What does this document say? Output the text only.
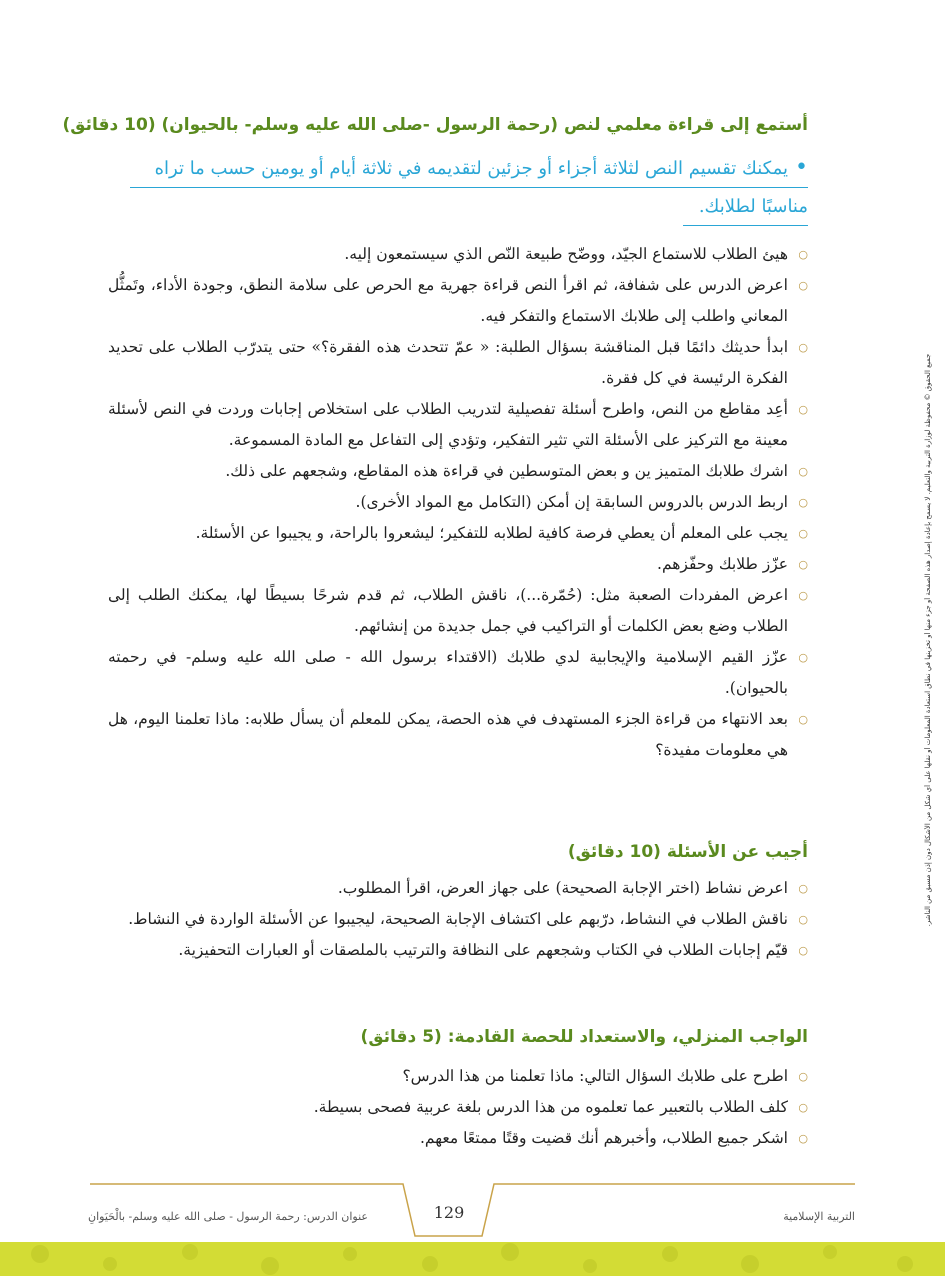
أستمع إلى قراءة معلمي لنص (رحمة الرسول -صلى الله عليه وسلم- بالحيوان) (10 دقائق)
•يمكنك تقسيم النص لثلاثة أجزاء أو جزئين لتقديمه في ثلاثة أيام أو يومين حسب ما تراه
مناسبًا لطلابك.
○
هيئ الطلاب للاستماع الجيّد، ووضّح طبيعة النّص الذي سيستمعون إليه.
○
اعرض الدرس على شفافة، ثم اقرأ النص قراءة جهرية مع الحرص على سلامة النطق، وجودة الأداء، وتَمثُّل المعاني واطلب إلى طلابك الاستماع والتفكر فيه.
○
ابدأ حديثك دائمًا قبل المناقشة بسؤال الطلبة: « عمّ تتحدث هذه الفقرة؟» حتى يتدرّب الطلاب على تحديد الفكرة الرئيسة في كل فقرة.
○
أعِد مقاطع من النص، واطرح أسئلة تفصيلية لتدريب الطلاب على استخلاص إجابات وردت في النص لأسئلة معينة مع التركيز على الأسئلة التي تثير التفكير، وتؤدي إلى التفاعل مع المادة المسموعة.
○
اشرك طلابك المتميز ين و بعض المتوسطين في قراءة هذه المقاطع، وشجعهم على ذلك.
○
اربط الدرس بالدروس السابقة إن أمكن (التكامل مع المواد الأخرى).
○
يجب على المعلم أن يعطي فرصة كافية لطلابه للتفكير؛ ليشعروا بالراحة، و يجيبوا عن الأسئلة.
○
عزّز طلابك وحفّزهم.
○
اعرض المفردات الصعبة مثل: (حُمّرة...)، ناقش الطلاب، ثم قدم شرحًا بسيطًا لها، يمكنك الطلب إلى الطلاب وضع بعض الكلمات أو التراكيب في جمل جديدة من إنشائهم.
○
عزّز القيم الإسلامية والإيجابية لدي طلابك (الاقتداء برسول الله - صلى الله عليه وسلم- في رحمته بالحيوان).
○
بعد الانتهاء من قراءة الجزء المستهدف في هذه الحصة، يمكن للمعلم أن يسأل طلابه: ماذا تعلمنا اليوم، هل هي معلومات مفيدة؟
أجيب عن الأسئلة (10 دقائق)
○
اعرض نشاط (اختر الإجابة الصحيحة) على جهاز العرض، اقرأ المطلوب.
○
ناقش الطلاب في النشاط، درّبهم على اكتشاف الإجابة الصحيحة، ليجيبوا عن الأسئلة الواردة في النشاط.
○
قيّم إجابات الطلاب في الكتاب وشجعهم على النظافة والترتيب بالملصقات أو العبارات التحفيزية.
الواجب المنزلي، والاستعداد للحصة القادمة: (5 دقائق)
○
اطرح على طلابك السؤال التالي: ماذا تعلمنا من هذا الدرس؟
○
كلف الطلاب بالتعبير عما تعلموه من هذا الدرس بلغة عربية فصحى بسيطة.
○
اشكر جميع الطلاب، وأخبرهم أنك قضيت وقتًا ممتعًا معهم.
جميع الحقوق © محفوظة لوزارة التربية والتعليم. لا يسمح بإعادة إصدار هذه الصفحة أو جزء منها أو تخزينها في نطاق استعادة المعلومات أو نقلها على أي شكل من الأشكال دون إذن مسبق من الناشر.
عنوان الدرس: رحمة الرسول - صلى الله عليه وسلم- بالْحَيَوانِ	129	التربية الإسلامية
